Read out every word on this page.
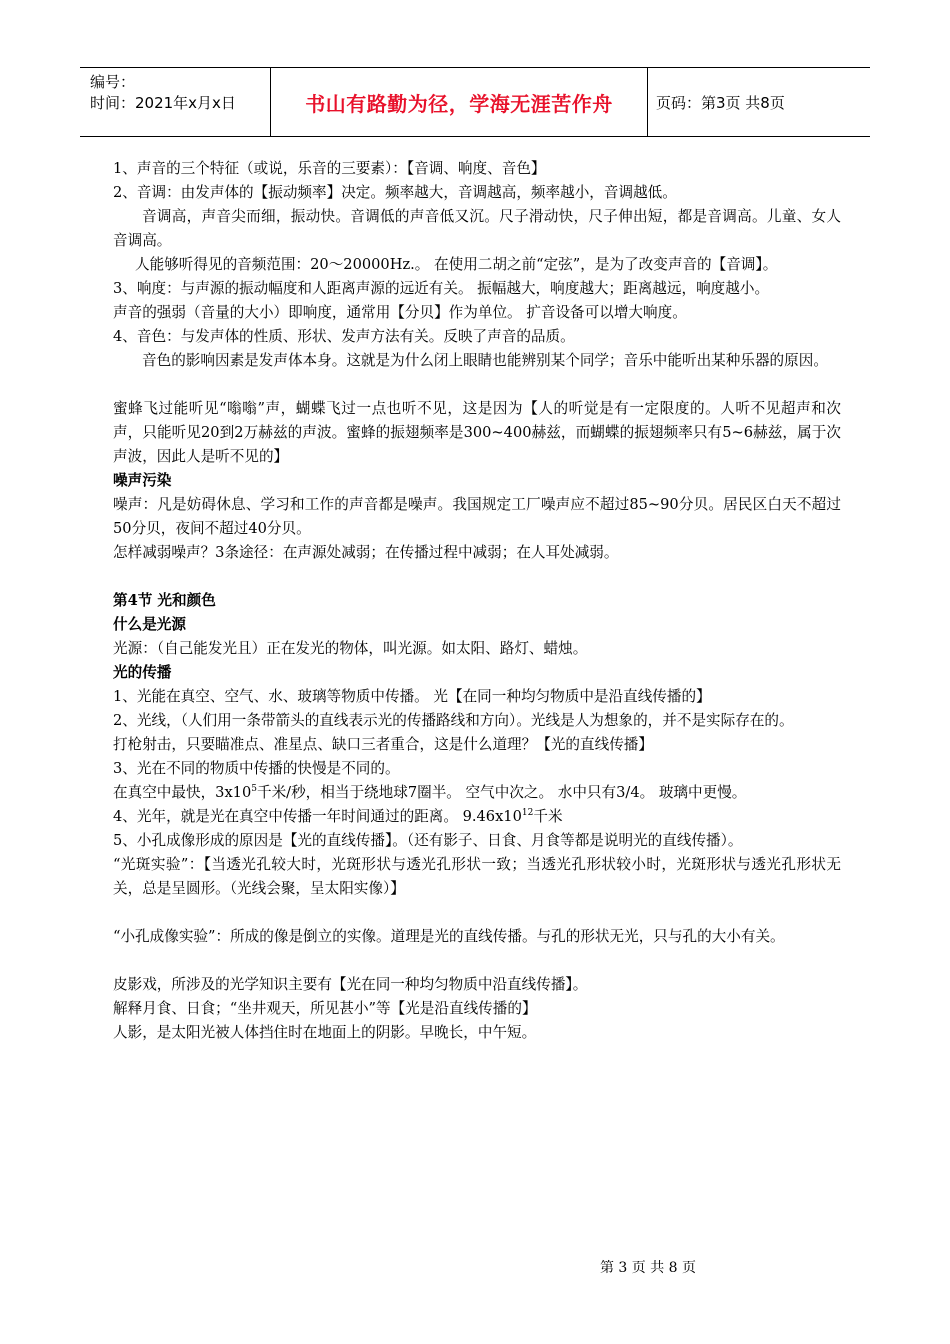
编号：
时间：2021年x月x日	书山有路勤为径，学海无涯苦作舟	页码：第3页 共8页

1、声音的三个特征（或说，乐音的三要素）：【音调、响度、音色】

2、音调：由发声体的【振动频率】决定。频率越大，音调越高，频率越小，音调越低。

音调高，声音尖而细，振动快。音调低的声音低又沉。尺子滑动快，尺子伸出短，都是音调高。儿童、女人音调高。

人能够听得见的音频范围：20～20000Hz.。 在使用二胡之前“定弦”，是为了改变声音的【音调】。

3、响度：与声源的振动幅度和人距离声源的远近有关。 振幅越大，响度越大；距离越远，响度越小。

声音的强弱（音量的大小）即响度，通常用【分贝】作为单位。 扩音设备可以增大响度。

4、音色：与发声体的性质、形状、发声方法有关。反映了声音的品质。

音色的影响因素是发声体本身。这就是为什么闭上眼睛也能辨别某个同学；音乐中能听出某种乐器的原因。

蜜蜂飞过能听见“嗡嗡”声，蝴蝶飞过一点也听不见，这是因为【人的听觉是有一定限度的。人听不见超声和次声，只能听见20到2万赫兹的声波。蜜蜂的振翅频率是300~400赫兹，而蝴蝶的振翅频率只有5~6赫兹，属于次声波，因此人是听不见的】

噪声污染

噪声：凡是妨碍休息、学习和工作的声音都是噪声。我国规定工厂噪声应不超过85~90分贝。居民区白天不超过50分贝，夜间不超过40分贝。

怎样减弱噪声？3条途径：在声源处减弱；在传播过程中减弱；在人耳处减弱。

第4节 光和颜色

什么是光源

光源：（自己能发光且）正在发光的物体，叫光源。如太阳、路灯、蜡烛。

光的传播

1、光能在真空、空气、水、玻璃等物质中传播。 光【在同一种均匀物质中是沿直线传播的】

2、光线，（人们用一条带箭头的直线表示光的传播路线和方向）。光线是人为想象的，并不是实际存在的。

打枪射击，只要瞄准点、准星点、缺口三者重合，这是什么道理？【光的直线传播】

3、光在不同的物质中传播的快慢是不同的。

在真空中最快，$3x10^5$千米/秒，相当于绕地球7圈半。 空气中次之。 水中只有3/4。 玻璃中更慢。

4、光年，就是光在真空中传播一年时间通过的距离。 $9.46x10^{12}$千米

5、小孔成像形成的原因是【光的直线传播】。（还有影子、日食、月食等都是说明光的直线传播）。

“光斑实验”：【当透光孔较大时，光斑形状与透光孔形状一致；当透光孔形状较小时，光斑形状与透光孔形状无关，总是呈圆形。（光线会聚，呈太阳实像）】

“小孔成像实验”：所成的像是倒立的实像。道理是光的直线传播。与孔的形状无光，只与孔的大小有关。

皮影戏，所涉及的光学知识主要有【光在同一种均匀物质中沿直线传播】。

解释月食、日食；“坐井观天，所见甚小”等【光是沿直线传播的】

人影，是太阳光被人体挡住时在地面上的阴影。早晚长，中午短。

第 3 页 共 8 页
